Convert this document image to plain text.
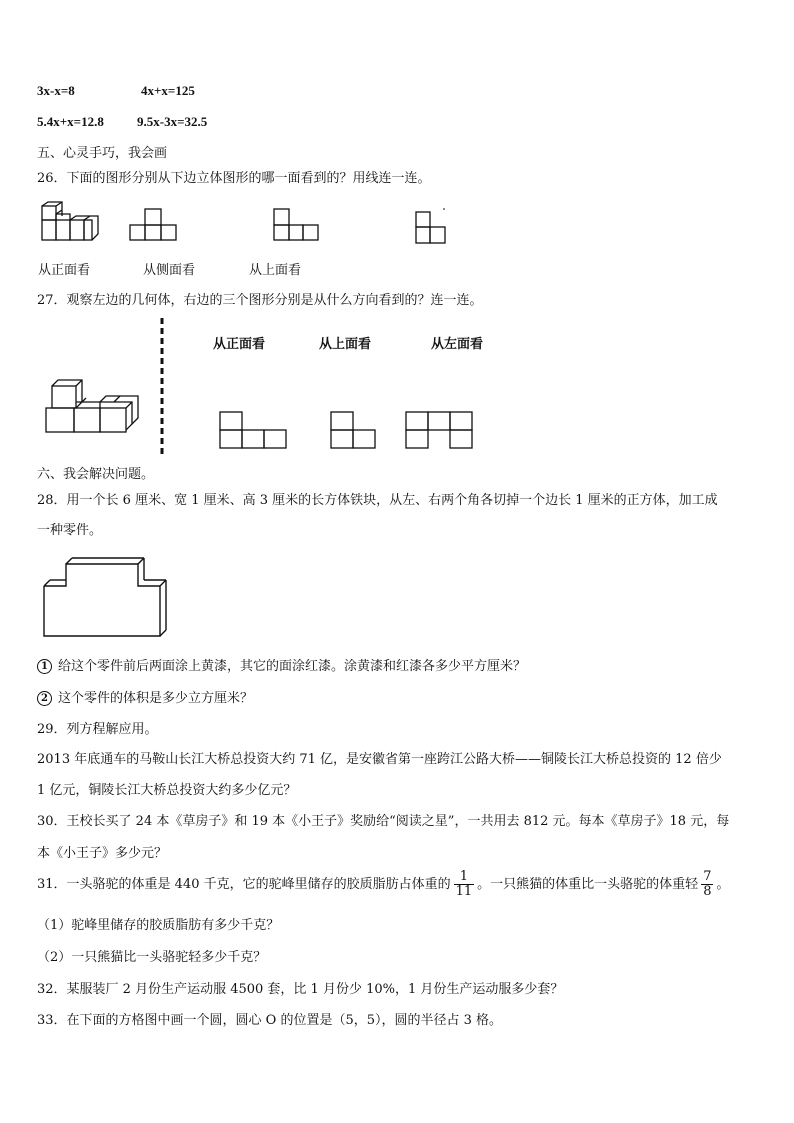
3x-x=8	4x+x=125
5.4x+x=12.8	9.5x-3x=32.5
五、心灵手巧，我会画
26．下面的图形分别从下边立体图形的哪一面看到的？用线连一连。
从正面看	从侧面看	从上面看
27．观察左边的几何体，右边的三个图形分别是从什么方向看到的？连一连。
从正面看	从上面看	从左面看
六、我会解决问题。
28．用一个长 6 厘米、宽 1 厘米、高 3 厘米的长方体铁块，从左、右两个角各切掉一个边长 1 厘米的正方体，加工成
一种零件。
1 给这个零件前后两面涂上黄漆，其它的面涂红漆。涂黄漆和红漆各多少平方厘米？
2 这个零件的体积是多少立方厘米？
29．列方程解应用。
2013 年底通车的马鞍山长江大桥总投资大约 71 亿，是安徽省第一座跨江公路大桥——铜陵长江大桥总投资的 12 倍少
1 亿元，铜陵长江大桥总投资大约多少亿元？
30．王校长买了 24 本《草房子》和 19 本《小王子》奖励给“阅读之星”，一共用去 812 元。每本《草房子》18 元，每
本《小王子》多少元？
31．一头骆驼的体重是 440 千克，它的驼峰里储存的胶质脂肪占体重的 $\frac{1}{11}$ 。一只熊猫的体重比一头骆驼的体重轻 $\frac{7}{8}$ 。
（1）驼峰里储存的胶质脂肪有多少千克？
（2）一只熊猫比一头骆驼轻多少千克？
32．某服装厂 2 月份生产运动服 4500 套，比 1 月份少 10%，1 月份生产运动服多少套？
33．在下面的方格图中画一个圆，圆心 O 的位置是（5，5），圆的半径占 3 格。
